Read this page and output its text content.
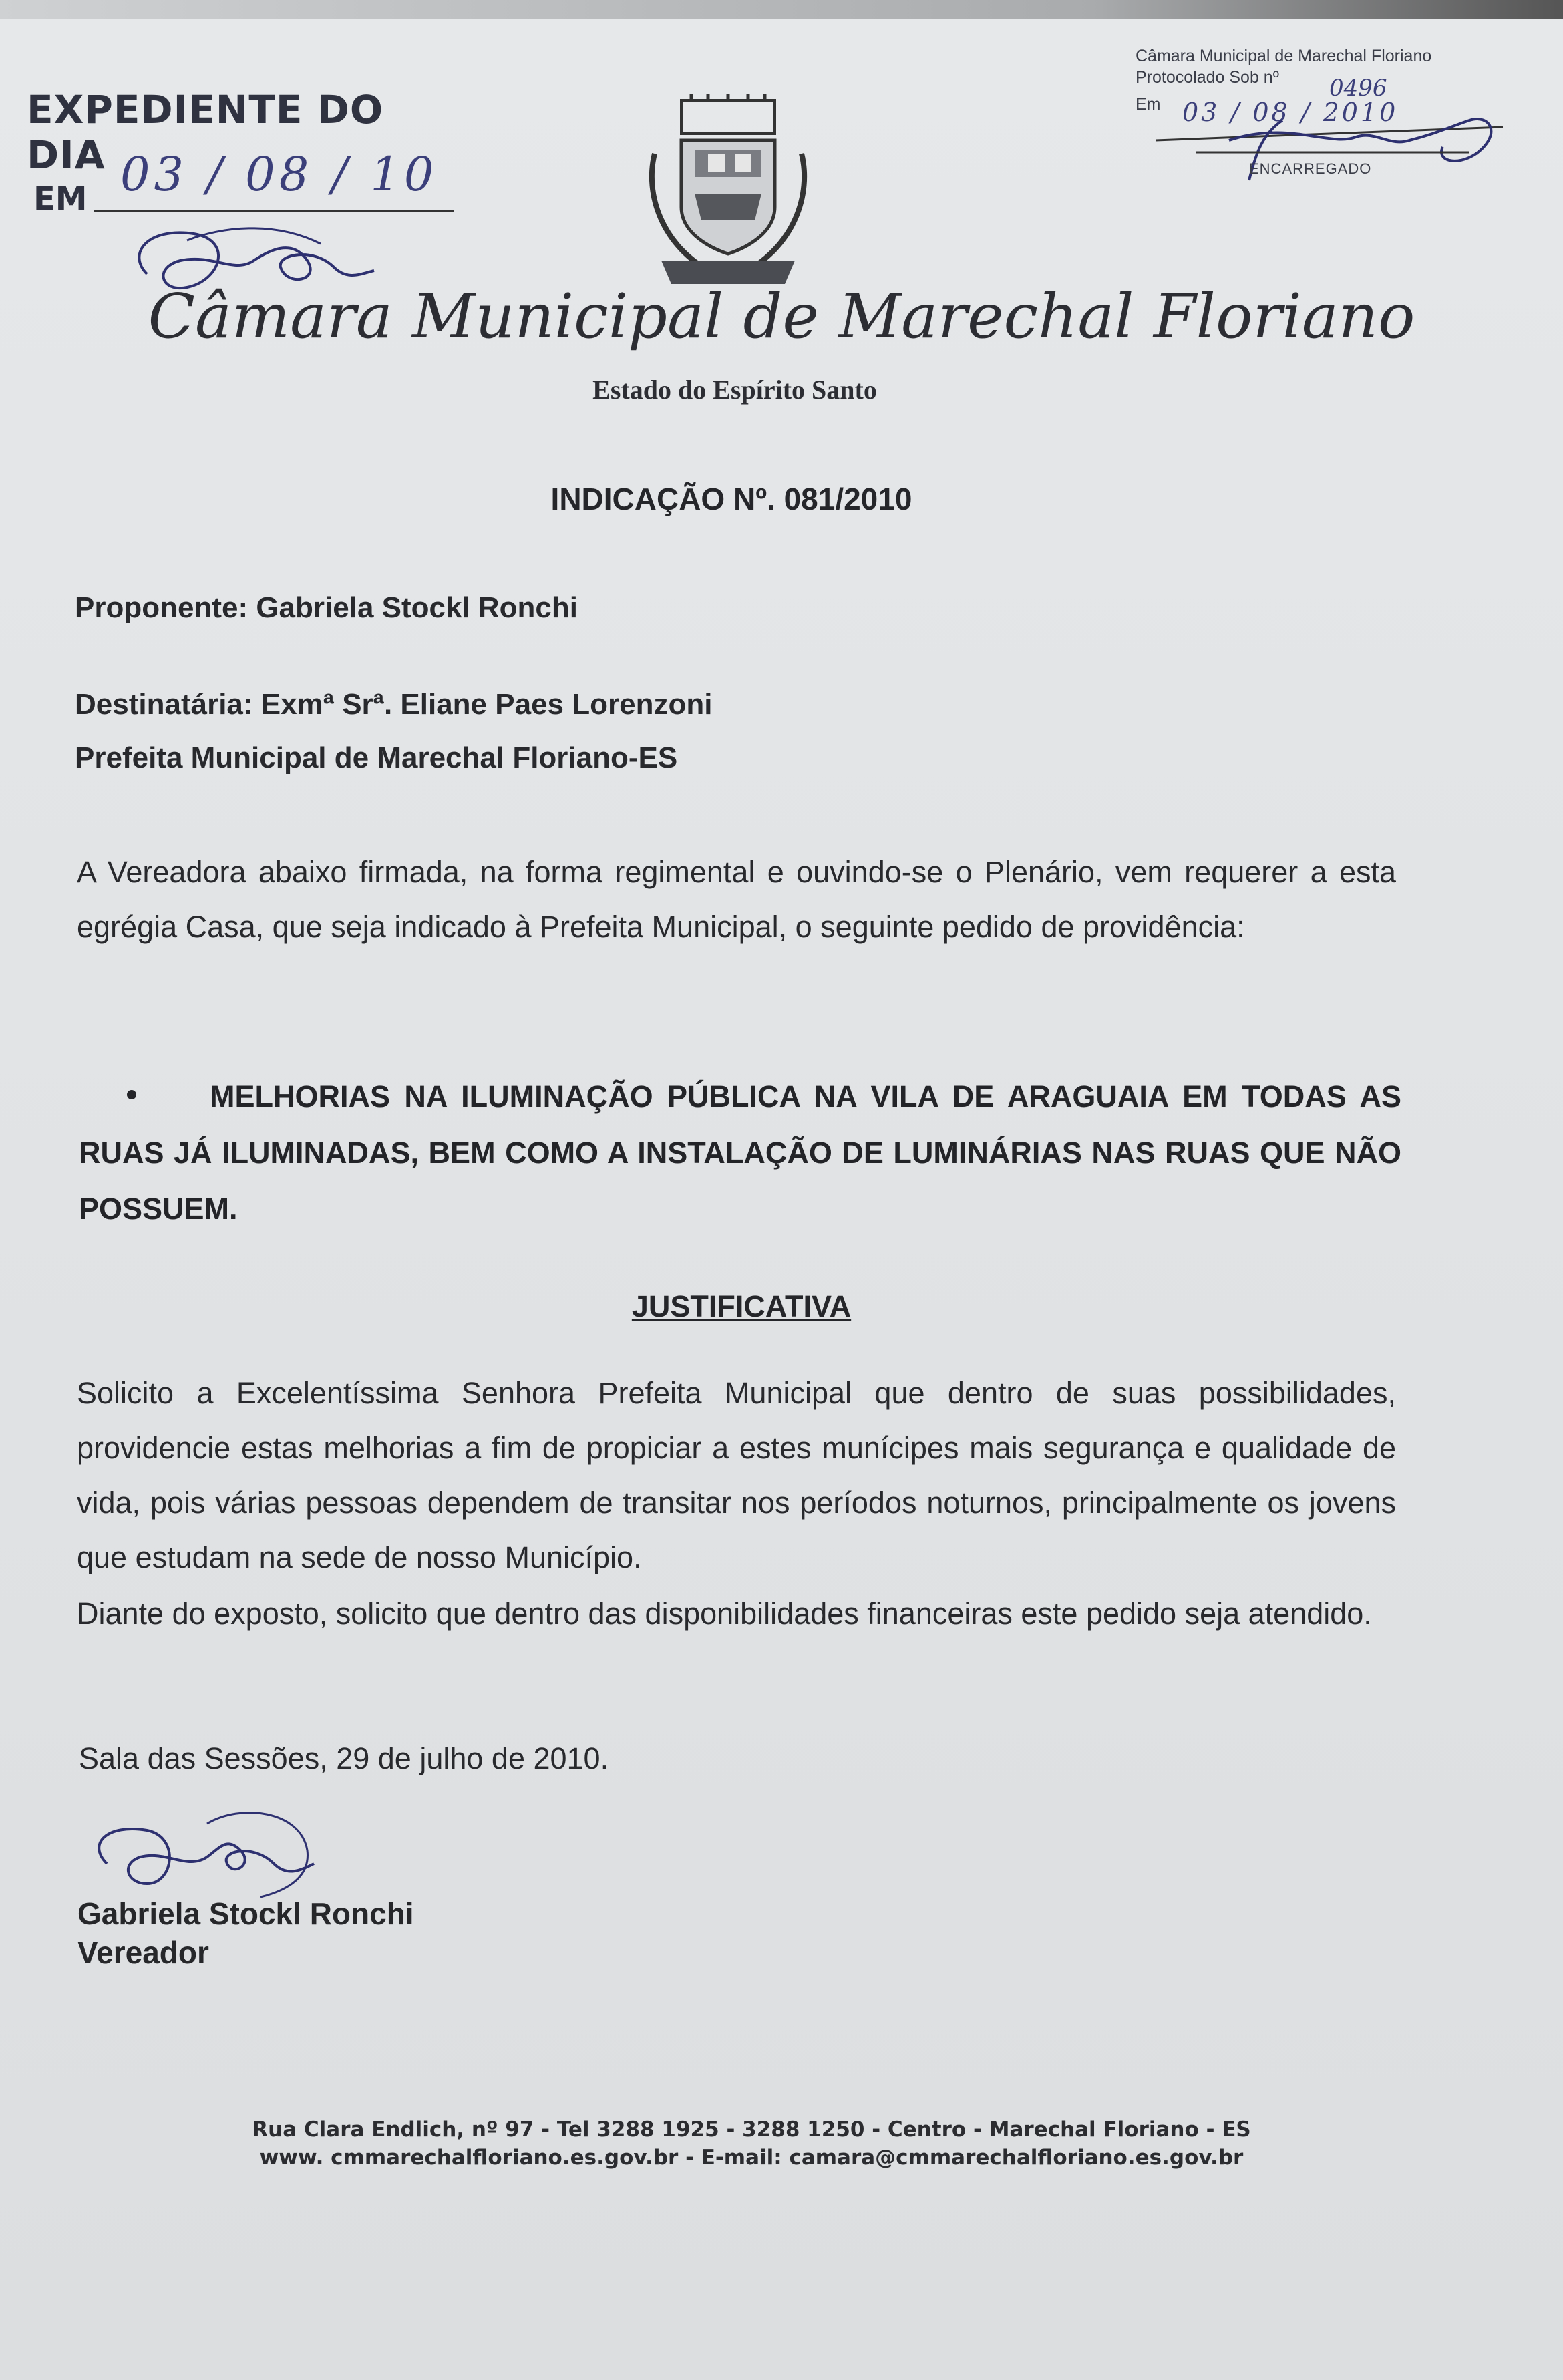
EXPEDIENTE DO DIA
EM 03 / 08 / 10
Câmara Municipal de Marechal Floriano
Protocolado Sob nº 0496
Em 03 / 08 / 2010
ENCARREGADO
Câmara Municipal de Marechal Floriano
Estado do Espírito Santo
INDICAÇÃO Nº. 081/2010
Proponente: Gabriela Stockl Ronchi
Destinatária: Exmª Srª. Eliane Paes Lorenzoni
Prefeita Municipal de Marechal Floriano-ES
A Vereadora abaixo firmada, na forma regimental e ouvindo-se o Plenário, vem requerer a esta egrégia Casa, que seja indicado à Prefeita Municipal, o seguinte pedido de providência:
MELHORIAS NA ILUMINAÇÃO PÚBLICA NA VILA DE ARAGUAIA EM TODAS AS RUAS JÁ ILUMINADAS, BEM COMO A INSTALAÇÃO DE LUMINÁRIAS NAS RUAS QUE NÃO POSSUEM.
JUSTIFICATIVA
Solicito a Excelentíssima Senhora Prefeita Municipal que dentro de suas possibilidades, providencie estas melhorias a fim de propiciar a estes munícipes mais segurança e qualidade de vida, pois várias pessoas dependem de transitar nos períodos noturnos, principalmente os jovens que estudam na sede de nosso Município.
Diante do exposto, solicito que dentro das disponibilidades financeiras este pedido seja atendido.
Sala das Sessões, 29 de julho de 2010.
Gabriela Stockl Ronchi
Vereador
Rua Clara Endlich, nº 97 - Tel 3288 1925 - 3288 1250 - Centro - Marechal Floriano - ES
www. cmmarechalfloriano.es.gov.br - E-mail: camara@cmmarechalfloriano.es.gov.br
